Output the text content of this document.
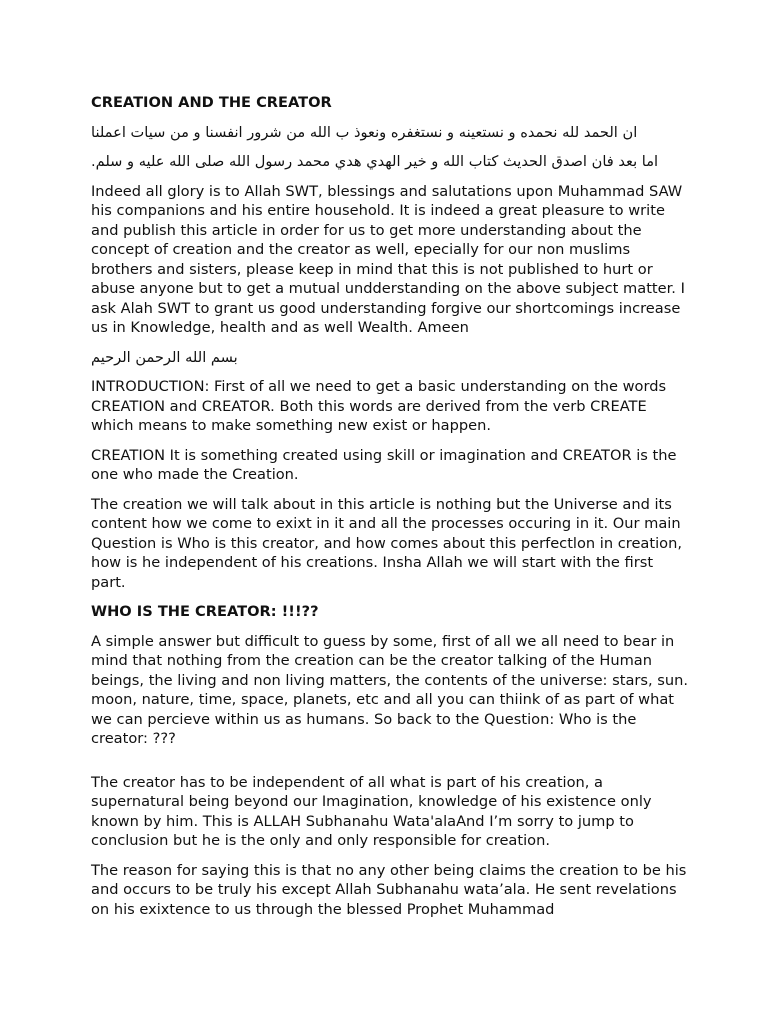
CREATION AND THE CREATOR

ان الحمد لله نحمده و نستعينه و نستغفره ونعوذ ب الله من شرور انفسنا و من سيات اعملنا

اما بعد فان اصدق الحديث كتاب الله و خير الهدي هدي محمد رسول الله صلى الله عليه و سلم.

Indeed all glory is to Allah SWT, blessings and salutations upon Muhammad SAW his companions and his entire household. It is indeed a great pleasure to write and publish this article in order for us to get more understanding about the concept of creation and the creator as well, epecially for our non muslims brothers and sisters, please keep in mind that this is not published to hurt or abuse anyone but to get a mutual undderstanding on the above subject matter. I ask Alah SWT to grant us good understanding forgive our shortcomings increase us in Knowledge, health and as well Wealth. Ameen

بسم الله الرحمن الرحيم

INTRODUCTION: First of all we need to get a basic understanding on the words CREATION and CREATOR. Both this words are derived from the verb CREATE which means to make something new exist or happen.

CREATION It is something created using skill or imagination and CREATOR is the one who made the Creation.

The creation we will talk about in this article is nothing but the Universe and its content how we come to exixt in it and all the processes occuring in it. Our main Question is Who is this creator, and how comes about this perfectlon in creation, how is he independent of his creations. Insha Allah we will start with the first part.

WHO IS THE CREATOR: !!!??

A simple answer but difficult to guess by some, first of all we all need to bear in mind that nothing from the creation can be the creator talking of the Human beings, the living and non living matters, the contents of the universe: stars, sun. moon, nature, time, space, planets, etc and all you can thiink of as part of what we can percieve within us as humans. So back to the Question: Who is the creator: ???

The creator has to be independent of all what is part of his creation, a supernatural being beyond our Imagination, knowledge of his existence only known by him. This is ALLAH Subhanahu Wata'alaAnd I’m sorry to jump to conclusion but he is the only and only responsible for creation.

The reason for saying this is that no any other being claims the creation to be his and occurs to be truly his except Allah Subhanahu wata’ala. He sent revelations on his exixtence to us through the blessed Prophet Muhammad
